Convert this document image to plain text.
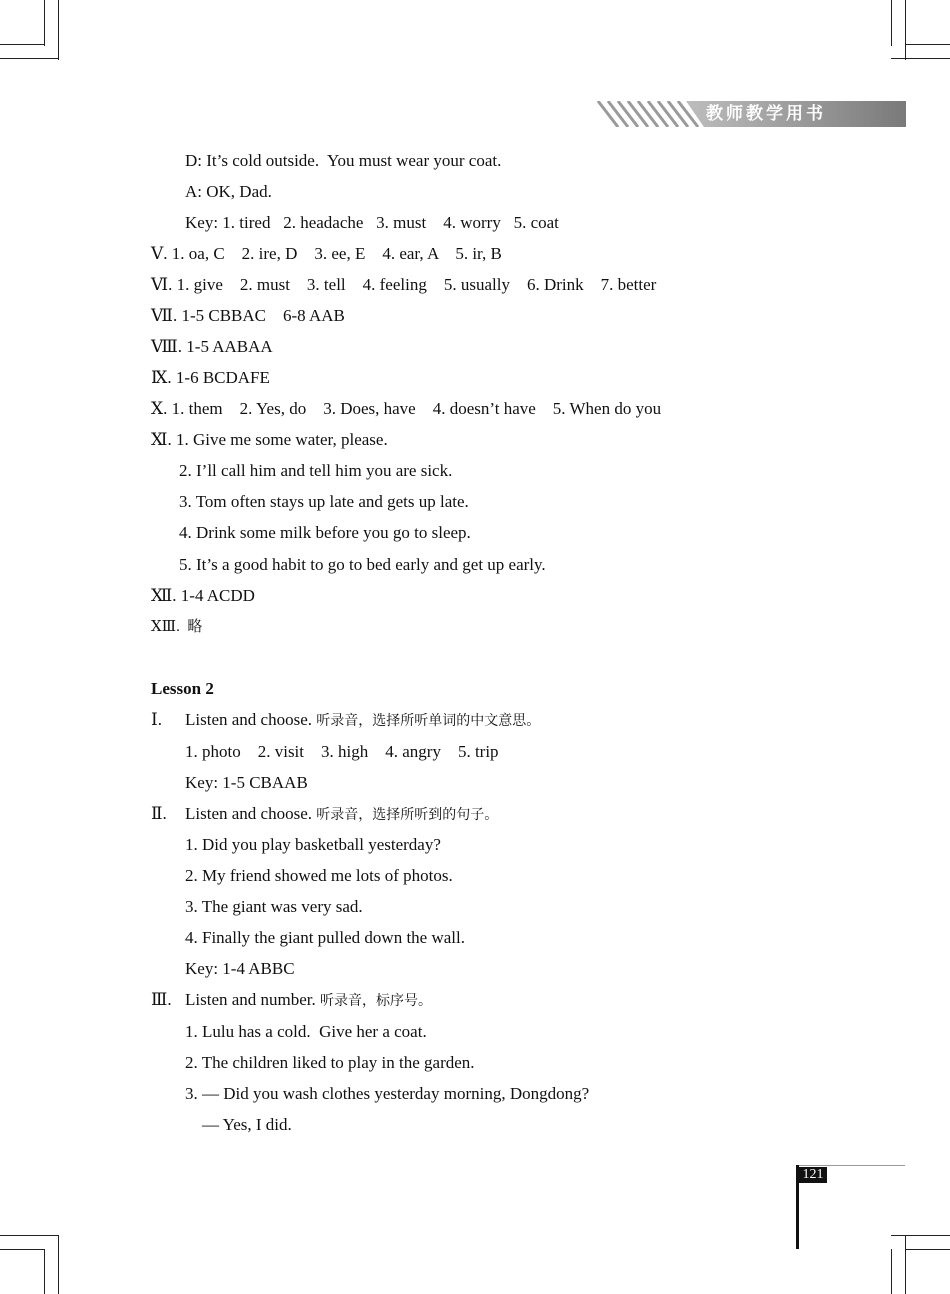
教师教学用书
D: It’s cold outside.  You must wear your coat.
A: OK, Dad.
Key: 1. tired   2. headache   3. must    4. worry   5. coat
Ⅴ. 1. oa, C    2. ire, D    3. ee, E    4. ear, A    5. ir, B
Ⅵ. 1. give    2. must    3. tell    4. feeling    5. usually    6. Drink    7. better
Ⅶ. 1-5 CBBAC    6-8 AAB
Ⅷ. 1-5 AABAA
Ⅸ. 1-6 BCDAFE
Ⅹ. 1. them    2. Yes, do    3. Does, have    4. doesn’t have    5. When do you
Ⅺ. 1. Give me some water, please.
2. I’ll call him and tell him you are sick.
3. Tom often stays up late and gets up late.
4. Drink some milk before you go to sleep.
5. It’s a good habit to go to bed early and get up early.
Ⅻ. 1-4 ACDD
ⅩⅢ.  略
Lesson 2
Ⅰ. Listen and choose. 听录音，选择所听单词的中文意思。
1. photo    2. visit    3. high    4. angry    5. trip
Key: 1-5 CBAAB
Ⅱ. Listen and choose. 听录音，选择所听到的句子。
1. Did you play basketball yesterday?
2. My friend showed me lots of photos.
3. The giant was very sad.
4. Finally the giant pulled down the wall.
Key: 1-4 ABBC
Ⅲ. Listen and number. 听录音，标序号。
1. Lulu has a cold.  Give her a coat.
2. The children liked to play in the garden.
3. — Did you wash clothes yesterday morning, Dongdong?
— Yes, I did.
121
